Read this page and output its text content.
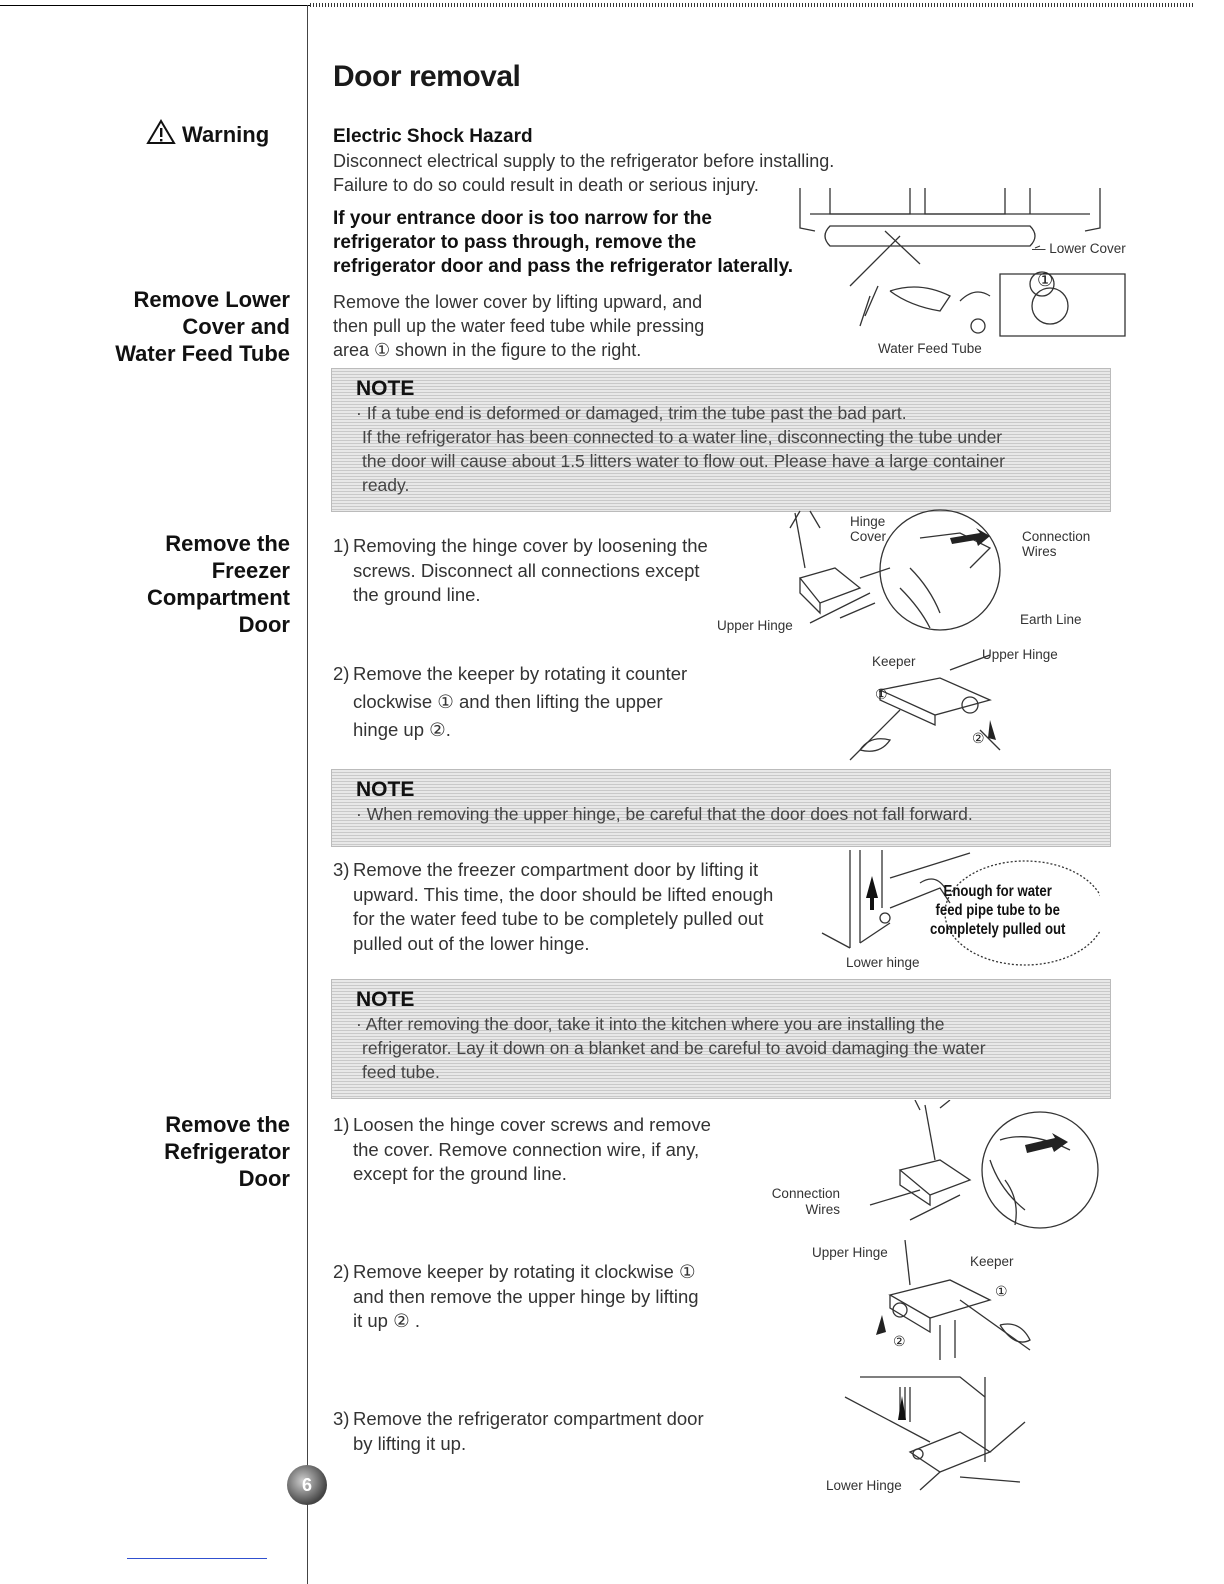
Door removal
Warning	Electric Shock Hazard
Disconnect electrical supply to the refrigerator before installing.
Failure to do so could result in death or serious injury.
If your entrance door is too narrow for the
refrigerator to pass through, remove the
refrigerator door and pass the refrigerator laterally.
Remove Lower
Cover and
Water Feed Tube
Remove the lower cover by lifting upward, and
then pull up the water feed tube while pressing
area ① shown in the figure to the right.
— Lower Cover
Water Feed Tube
①
NOTE
· If a tube end is deformed or damaged, trim the tube past the bad part.
If the refrigerator has been connected to a water line, disconnecting the tube under
the door will cause about 1.5 litters water to flow out. Please have a large container
ready.
Remove the
Freezer
Compartment
Door
1) Removing the hinge cover by loosening the
screws. Disconnect all connections except
the ground line.
Hinge
Cover	Connection
Wires
Earth Line
Upper Hinge
2) Remove the keeper by rotating it counter
clockwise ① and then lifting the upper
hinge up ②.
Keeper	Upper Hinge
①
②
NOTE
· When removing the upper hinge, be careful that the door does not fall forward.
3) Remove the freezer compartment door by lifting it
upward. This time, the door should be lifted enough
for the water feed tube to be completely pulled out
pulled out of the lower hinge.
Enough for water
feed pipe tube to be
completely pulled out
Lower hinge
NOTE
· After removing the door, take it into the kitchen where you are installing the
refrigerator. Lay it down on a blanket and be careful to avoid damaging the water
feed tube.
Remove the
Refrigerator
Door
1) Loosen the hinge cover screws and remove
the cover. Remove connection wire, if any,
except for the ground line.
Connection
Wires
2) Remove keeper by rotating it clockwise ①
and then remove the upper hinge by lifting
it up ② .
Upper Hinge
Keeper
①
②
3) Remove the refrigerator compartment door
by lifting it up.
Lower Hinge
6
